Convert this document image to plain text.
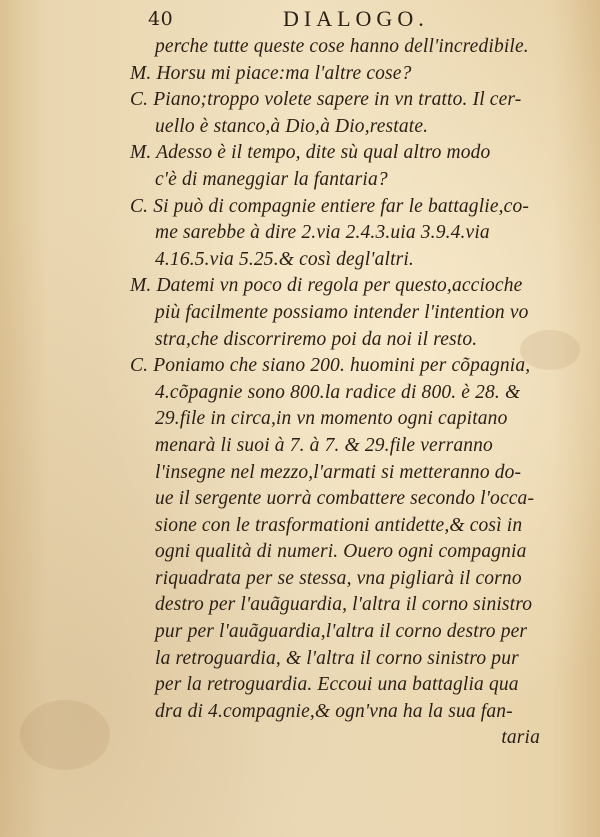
40	DIALOGO.
perche tutte queste cose hanno dell'incredibile.
M. Horsu mi piace:ma l'altre cose?
C. Piano;troppo volete sapere in vn tratto. Il cer-
uello è stanco,à Dio,à Dio,restate.
M. Adesso è il tempo, dite sù qual altro modo
c'è di maneggiar la fantaria?
C. Si può di compagnie entiere far le battaglie,co-
me sarebbe à dire 2.via 2.4.3.uia 3.9.4.via
4.16.5.via 5.25.& così degl'altri.
M. Datemi vn poco di regola per questo,accioche
più facilmente possiamo intender l'intention vo
stra,che discorriremo poi da noi il resto.
C. Poniamo che siano 200. huomini per cõpagnia,
4.cõpagnie sono 800.la radice di 800. è 28. &
29.file in circa,in vn momento ogni capitano
menarà li suoi à 7. à 7. & 29.file verranno
l'insegne nel mezzo,l'armati si metteranno do-
ue il sergente uorrà combattere secondo l'occa-
sione con le trasformationi antidette,& così in
ogni qualità di numeri. Ouero ogni compagnia
riquadrata per se stessa, vna pigliarà il corno
destro per l'auãguardia, l'altra il corno sinistro
pur per l'auãguardia,l'altra il corno destro per
la retroguardia, & l'altra il corno sinistro pur
per la retroguardia. Eccoui una battaglia qua
dra di 4.compagnie,& ogn'vna ha la sua fan-
taria
